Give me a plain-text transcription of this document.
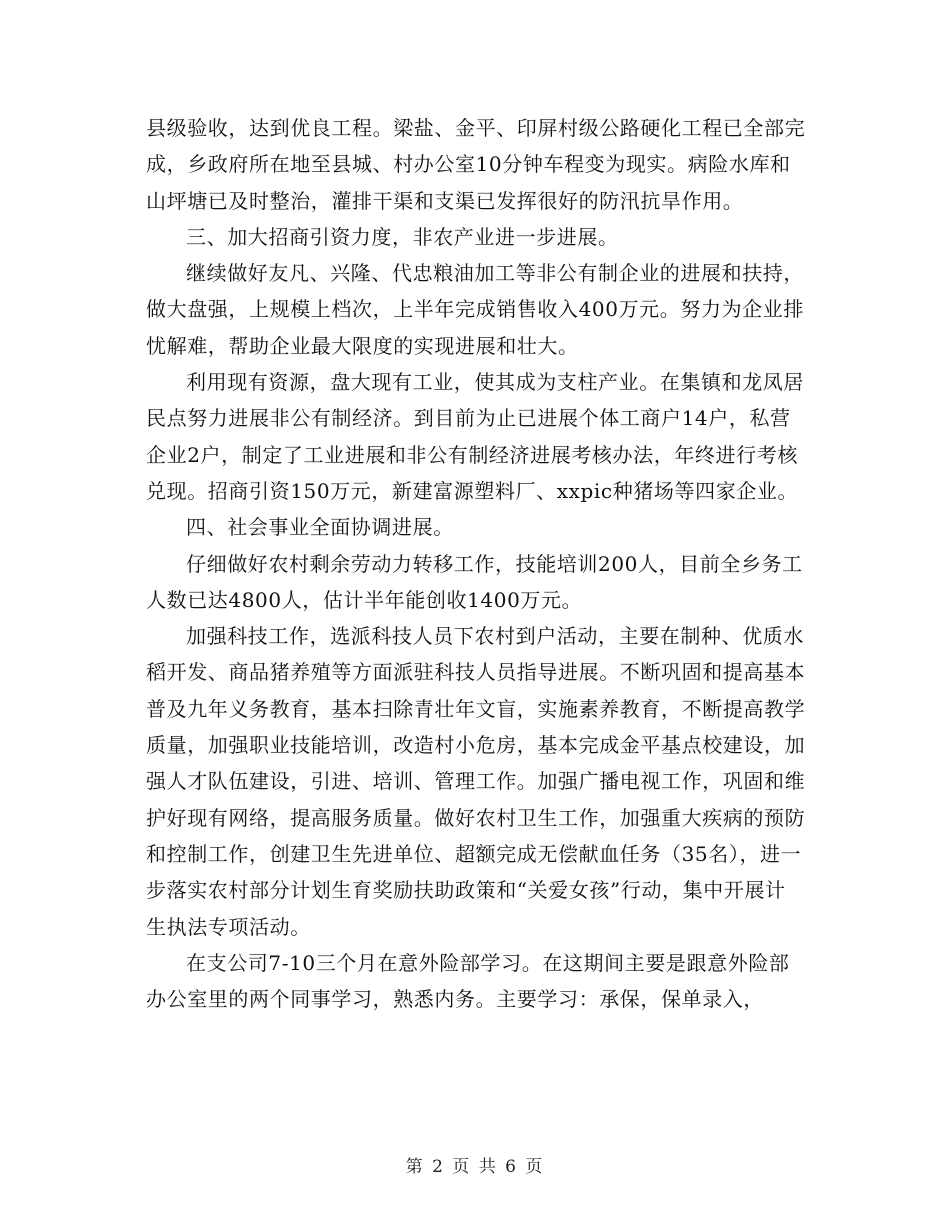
县级验收，达到优良工程。梁盐、金平、印屏村级公路硬化工程已全部完成，乡政府所在地至县城、村办公室10分钟车程变为现实。病险水库和山坪塘已及时整治，灌排干渠和支渠已发挥很好的防汛抗旱作用。

三、加大招商引资力度，非农产业进一步进展。

继续做好友凡、兴隆、代忠粮油加工等非公有制企业的进展和扶持，做大盘强，上规模上档次，上半年完成销售收入400万元。努力为企业排忧解难，帮助企业最大限度的实现进展和壮大。

利用现有资源，盘大现有工业，使其成为支柱产业。在集镇和龙凤居民点努力进展非公有制经济。到目前为止已进展个体工商户14户，私营企业2户，制定了工业进展和非公有制经济进展考核办法，年终进行考核兑现。招商引资150万元，新建富源塑料厂、xxpic种猪场等四家企业。

四、社会事业全面协调进展。

仔细做好农村剩余劳动力转移工作，技能培训200人，目前全乡务工人数已达4800人，估计半年能创收1400万元。

加强科技工作，选派科技人员下农村到户活动，主要在制种、优质水稻开发、商品猪养殖等方面派驻科技人员指导进展。不断巩固和提高基本普及九年义务教育，基本扫除青壮年文盲，实施素养教育，不断提高教学质量，加强职业技能培训，改造村小危房，基本完成金平基点校建设，加强人才队伍建设，引进、培训、管理工作。加强广播电视工作，巩固和维护好现有网络，提高服务质量。做好农村卫生工作，加强重大疾病的预防和控制工作，创建卫生先进单位、超额完成无偿献血任务（35名），进一步落实农村部分计划生育奖励扶助政策和“关爱女孩”行动，集中开展计生执法专项活动。

在支公司7-10三个月在意外险部学习。在这期间主要是跟意外险部办公室里的两个同事学习，熟悉内务。主要学习：承保，保单录入，

第 2 页 共 6 页
